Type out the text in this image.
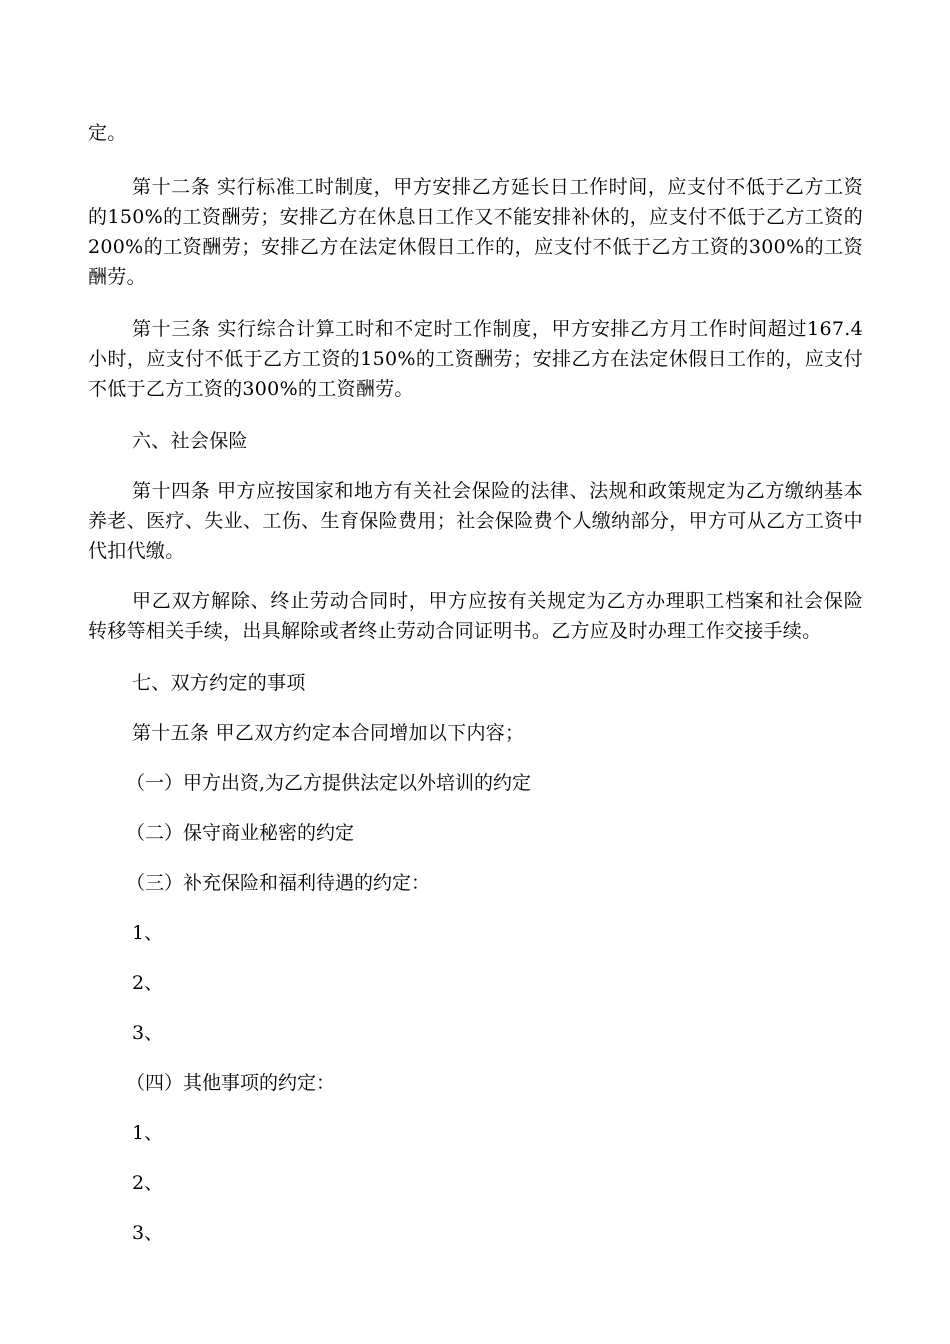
定。

第十二条 实行标准工时制度，甲方安排乙方延长日工作时间，应支付不低于乙方工资的150%的工资酬劳；安排乙方在休息日工作又不能安排补休的，应支付不低于乙方工资的200%的工资酬劳；安排乙方在法定休假日工作的，应支付不低于乙方工资的300%的工资酬劳。

第十三条 实行综合计算工时和不定时工作制度，甲方安排乙方月工作时间超过167.4小时，应支付不低于乙方工资的150%的工资酬劳；安排乙方在法定休假日工作的，应支付不低于乙方工资的300%的工资酬劳。

六、社会保险

第十四条 甲方应按国家和地方有关社会保险的法律、法规和政策规定为乙方缴纳基本养老、医疗、失业、工伤、生育保险费用；社会保险费个人缴纳部分，甲方可从乙方工资中代扣代缴。

甲乙双方解除、终止劳动合同时，甲方应按有关规定为乙方办理职工档案和社会保险转移等相关手续，出具解除或者终止劳动合同证明书。乙方应及时办理工作交接手续。

七、双方约定的事项

第十五条 甲乙双方约定本合同增加以下内容；

（一）甲方出资,为乙方提供法定以外培训的约定

（二）保守商业秘密的约定

（三）补充保险和福利待遇的约定：

1、

2、

3、

（四）其他事项的约定：

1、

2、

3、
